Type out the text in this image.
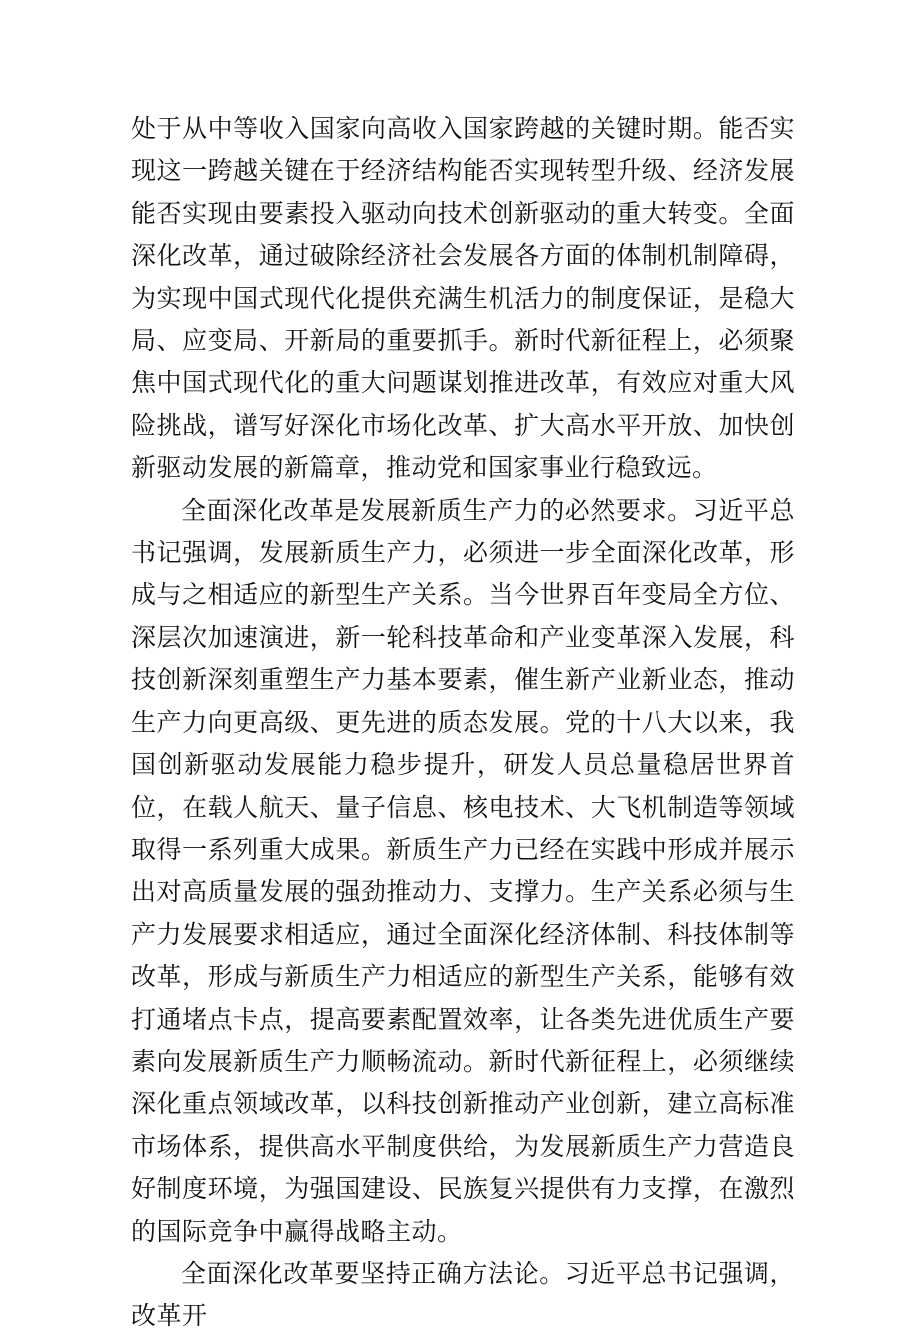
处于从中等收入国家向高收入国家跨越的关键时期。能否实现这一跨越关键在于经济结构能否实现转型升级、经济发展能否实现由要素投入驱动向技术创新驱动的重大转变。全面深化改革，通过破除经济社会发展各方面的体制机制障碍，为实现中国式现代化提供充满生机活力的制度保证，是稳大局、应变局、开新局的重要抓手。新时代新征程上，必须聚焦中国式现代化的重大问题谋划推进改革，有效应对重大风险挑战，谱写好深化市场化改革、扩大高水平开放、加快创新驱动发展的新篇章，推动党和国家事业行稳致远。

全面深化改革是发展新质生产力的必然要求。习近平总书记强调，发展新质生产力，必须进一步全面深化改革，形成与之相适应的新型生产关系。当今世界百年变局全方位、深层次加速演进，新一轮科技革命和产业变革深入发展，科技创新深刻重塑生产力基本要素，催生新产业新业态，推动生产力向更高级、更先进的质态发展。党的十八大以来，我国创新驱动发展能力稳步提升，研发人员总量稳居世界首位，在载人航天、量子信息、核电技术、大飞机制造等领域取得一系列重大成果。新质生产力已经在实践中形成并展示出对高质量发展的强劲推动力、支撑力。生产关系必须与生产力发展要求相适应，通过全面深化经济体制、科技体制等改革，形成与新质生产力相适应的新型生产关系，能够有效打通堵点卡点，提高要素配置效率，让各类先进优质生产要素向发展新质生产力顺畅流动。新时代新征程上，必须继续深化重点领域改革，以科技创新推动产业创新，建立高标准市场体系，提供高水平制度供给，为发展新质生产力营造良好制度环境，为强国建设、民族复兴提供有力支撑，在激烈的国际竞争中赢得战略主动。

全面深化改革要坚持正确方法论。习近平总书记强调，改革开
